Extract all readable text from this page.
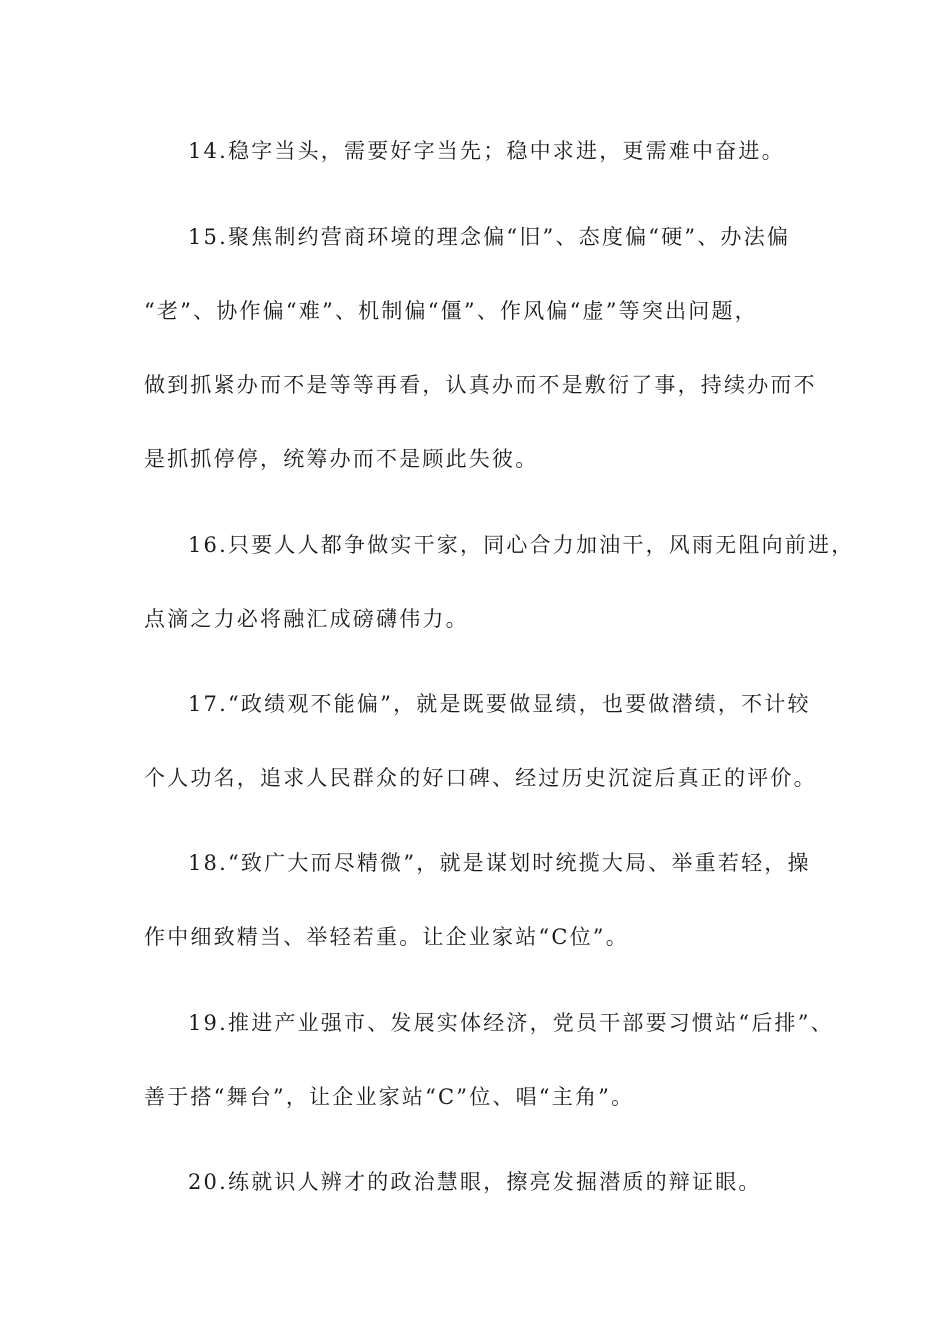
14.稳字当头，需要好字当先；稳中求进，更需难中奋进。
15.聚焦制约营商环境的理念偏“旧”、态度偏“硬”、办法偏
“老”、协作偏“难”、机制偏“僵”、作风偏“虚”等突出问题，
做到抓紧办而不是等等再看，认真办而不是敷衍了事，持续办而不
是抓抓停停，统筹办而不是顾此失彼。
16.只要人人都争做实干家，同心合力加油干，风雨无阻向前进，
点滴之力必将融汇成磅礴伟力。
17.“政绩观不能偏”，就是既要做显绩，也要做潜绩，不计较
个人功名，追求人民群众的好口碑、经过历史沉淀后真正的评价。
18.“致广大而尽精微”，就是谋划时统揽大局、举重若轻，操
作中细致精当、举轻若重。让企业家站“C位”。
19.推进产业强市、发展实体经济，党员干部要习惯站“后排”、
善于搭“舞台”，让企业家站“C”位、唱“主角”。
20.练就识人辨才的政治慧眼，擦亮发掘潜质的辩证眼。
